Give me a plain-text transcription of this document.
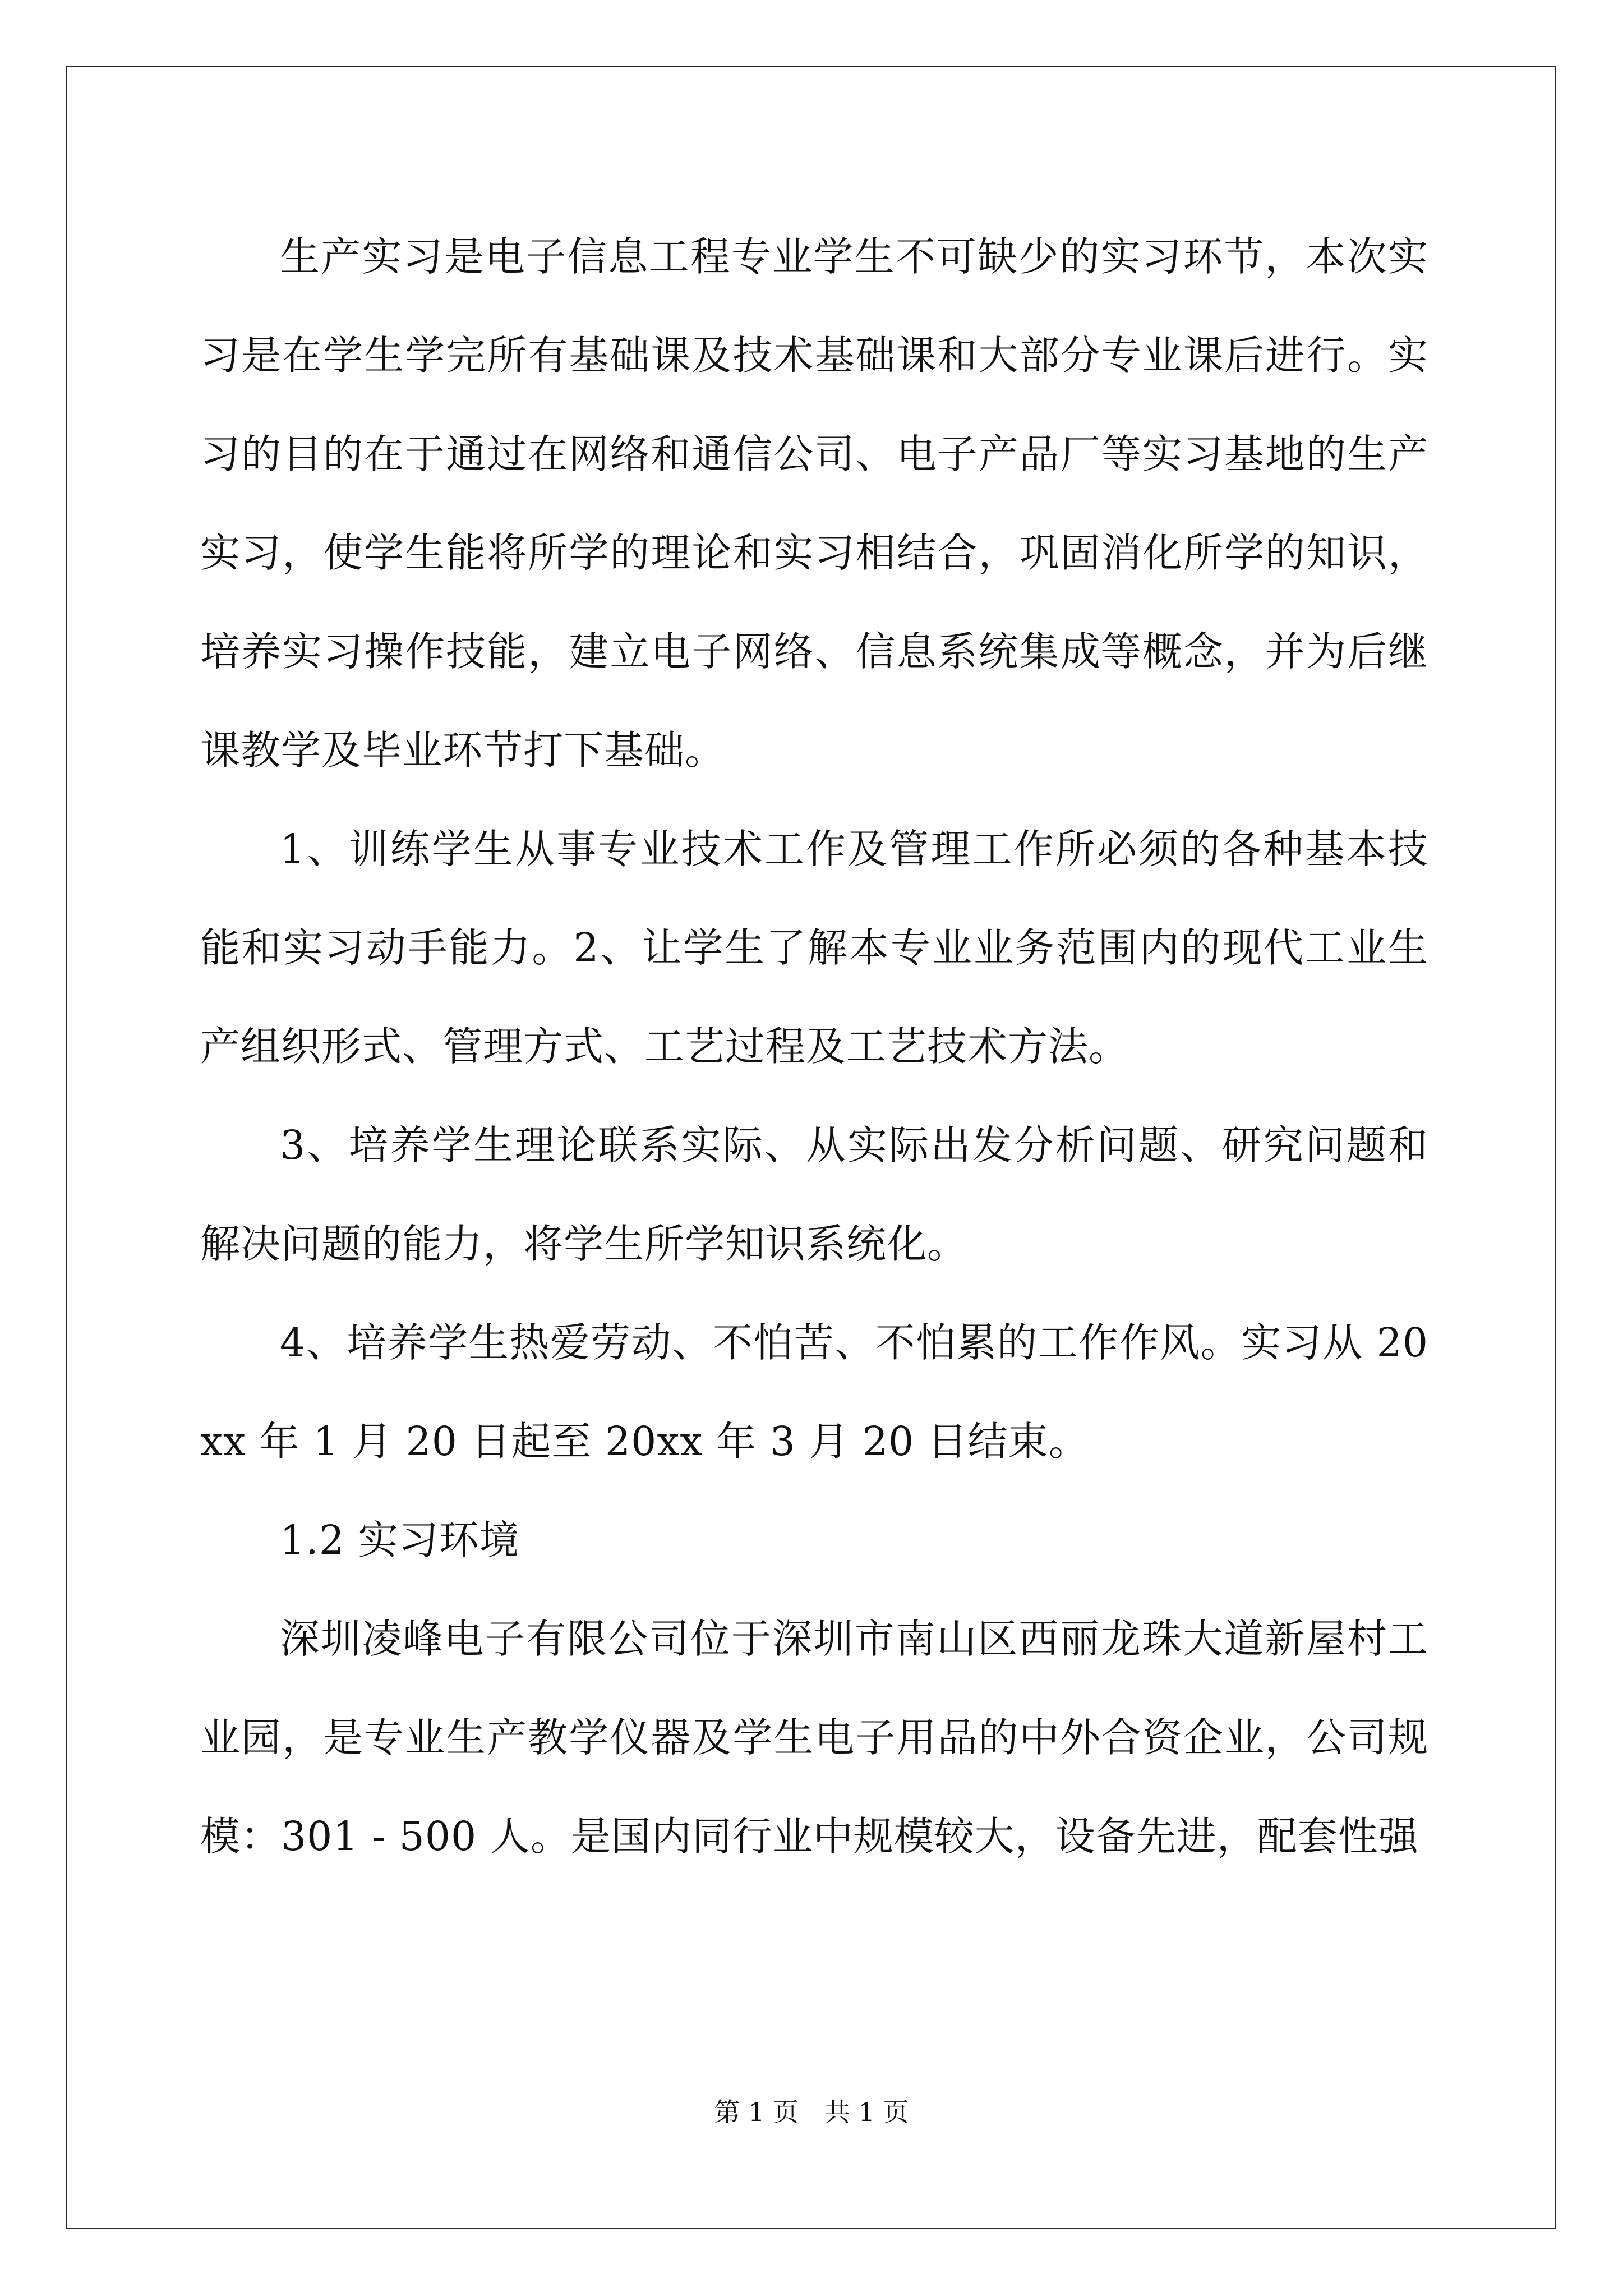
生产实习是电子信息工程专业学生不可缺少的实习环节，本次实习是在学生学完所有基础课及技术基础课和大部分专业课后进行。实习的目的在于通过在网络和通信公司、电子产品厂等实习基地的生产实习，使学生能将所学的理论和实习相结合，巩固消化所学的知识，培养实习操作技能，建立电子网络、信息系统集成等概念，并为后继课教学及毕业环节打下基础。

1、训练学生从事专业技术工作及管理工作所必须的各种基本技能和实习动手能力。2、让学生了解本专业业务范围内的现代工业生产组织形式、管理方式、工艺过程及工艺技术方法。

3、培养学生理论联系实际、从实际出发分析问题、研究问题和解决问题的能力，将学生所学知识系统化。

4、培养学生热爱劳动、不怕苦、不怕累的工作作风。实习从 20xx 年 1 月 20 日起至 20xx 年 3 月 20 日结束。

1.2 实习环境

深圳凌峰电子有限公司位于深圳市南山区西丽龙珠大道新屋村工业园，是专业生产教学仪器及学生电子用品的中外合资企业，公司规模：301 - 500 人。是国内同行业中规模较大，设备先进，配套性强

第 1 页　共 1 页
